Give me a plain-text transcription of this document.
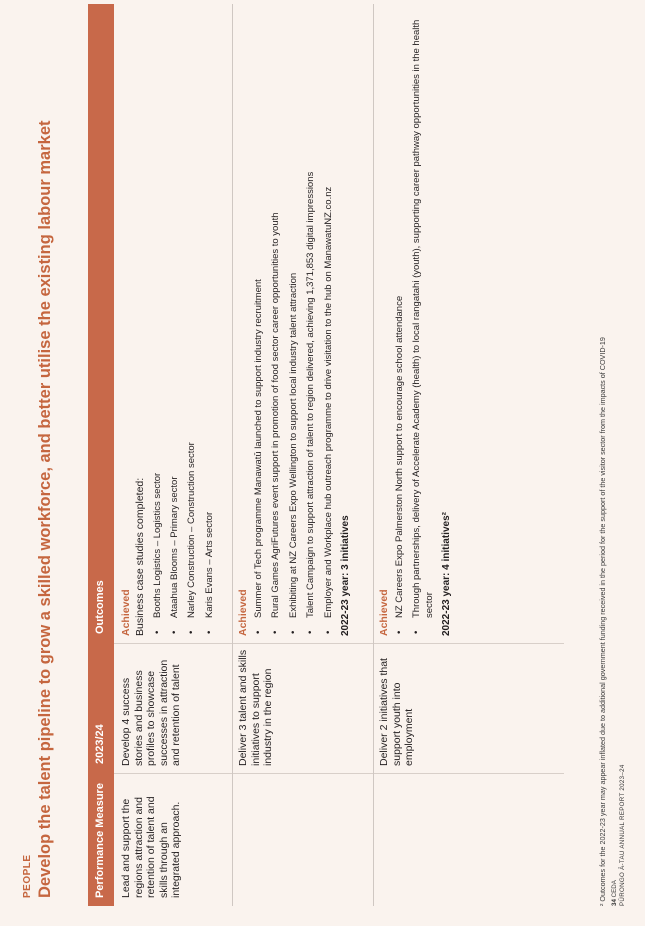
PEOPLE Develop the talent pipeline to grow a skilled workforce, and better utilise the existing labour market	Performance Measure
2023/24
Outcomes
Lead and support the regions attraction and retention of talent and skills through an integrated approach.
Develop 4 success stories and business profiles to showcase successes in attraction and retention of talent
Achieved Business case studies completed: • Booths Logistics – Logistics sector • Ataahua Blooms – Primary sector • Narley Construction – Construction sector • Karis Evans – Arts sector
Deliver 3 talent and skills initiatives to support industry in the region
Achieved • Summer of Tech programme Manawatū launched to support industry recruitment • Rural Games AgriFutures event support in promotion of food sector career opportunities to youth • Exhibiting at NZ Careers Expo Wellington to support local industry talent attraction • Talent Campaign to support attraction of talent to region delivered, achieving 1,371,853 digital impressions • Employer and Workplace hub outreach programme to drive visitation to the hub on ManawatuNZ.co.nz 2022-23 year: 3 initiatives
Deliver 2 initiatives that support youth into employment
Achieved • NZ Careers Expo Palmerston North support to encourage school attendance • Through partnerships, delivery of Accelerate Academy (health) to local rangatahi (youth), supporting career pathway opportunities in the health sector 2022-23 year: 4 initiatives²	² Outcomes for the 2022-23 year may appear inflated due to additional government funding received in the period for the support of the visitor sector from the impacts of COVID-19 34 CEDA PŪRONGO Ā-TAU ANNUAL REPORT 2023–24
